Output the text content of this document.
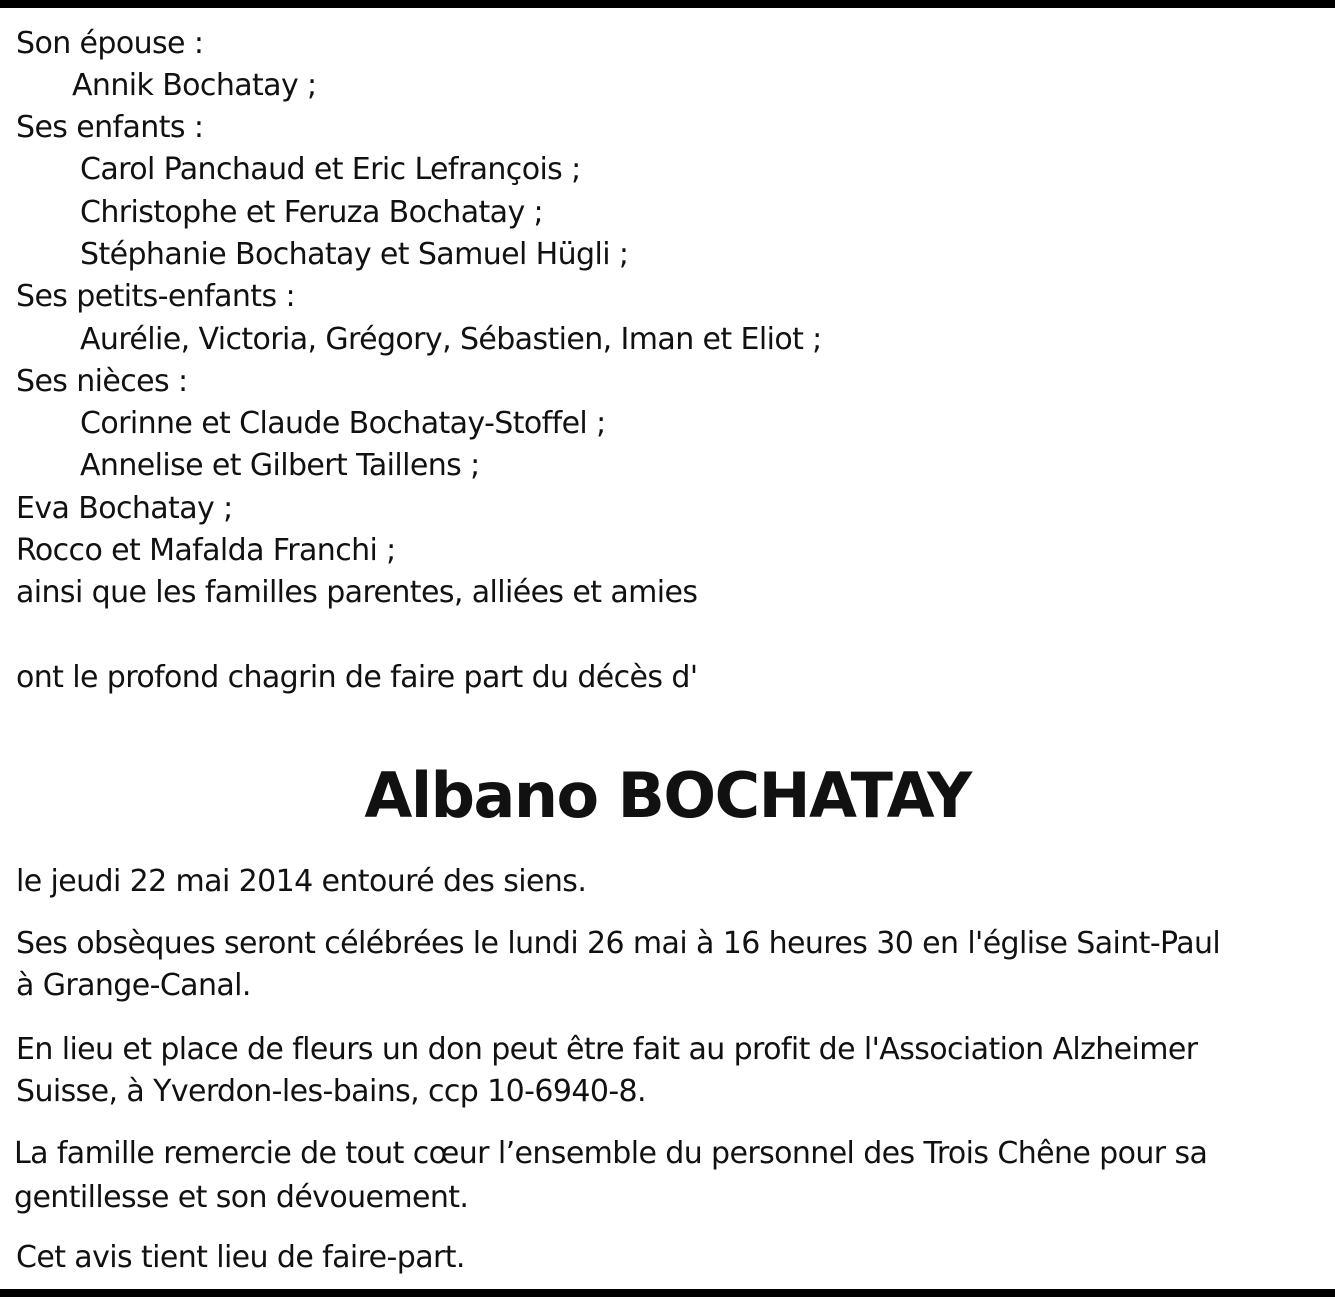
Son épouse :
Annik Bochatay ;
Ses enfants :
Carol Panchaud et Eric Lefrançois ;
Christophe et Feruza Bochatay ;
Stéphanie Bochatay et Samuel Hügli ;
Ses petits-enfants :
Aurélie, Victoria, Grégory, Sébastien, Iman et Eliot ;
Ses nièces :
Corinne et Claude Bochatay-Stoffel ;
Annelise et Gilbert Taillens ;
Eva Bochatay ;
Rocco et Mafalda Franchi ;
ainsi que les familles parentes, alliées et amies
ont le profond chagrin de faire part du décès d'
Albano BOCHATAY
le jeudi 22 mai 2014 entouré des siens.
Ses obsèques seront célébrées le lundi 26 mai à 16 heures 30 en l'église Saint-Paul
à Grange-Canal.
En lieu et place de fleurs un don peut être fait au profit de l'Association Alzheimer
Suisse, à Yverdon-les-bains, ccp 10-6940-8.
La famille remercie de tout cœur l’ensemble du personnel des Trois Chêne pour sa
gentillesse et son dévouement.
Cet avis tient lieu de faire-part.
